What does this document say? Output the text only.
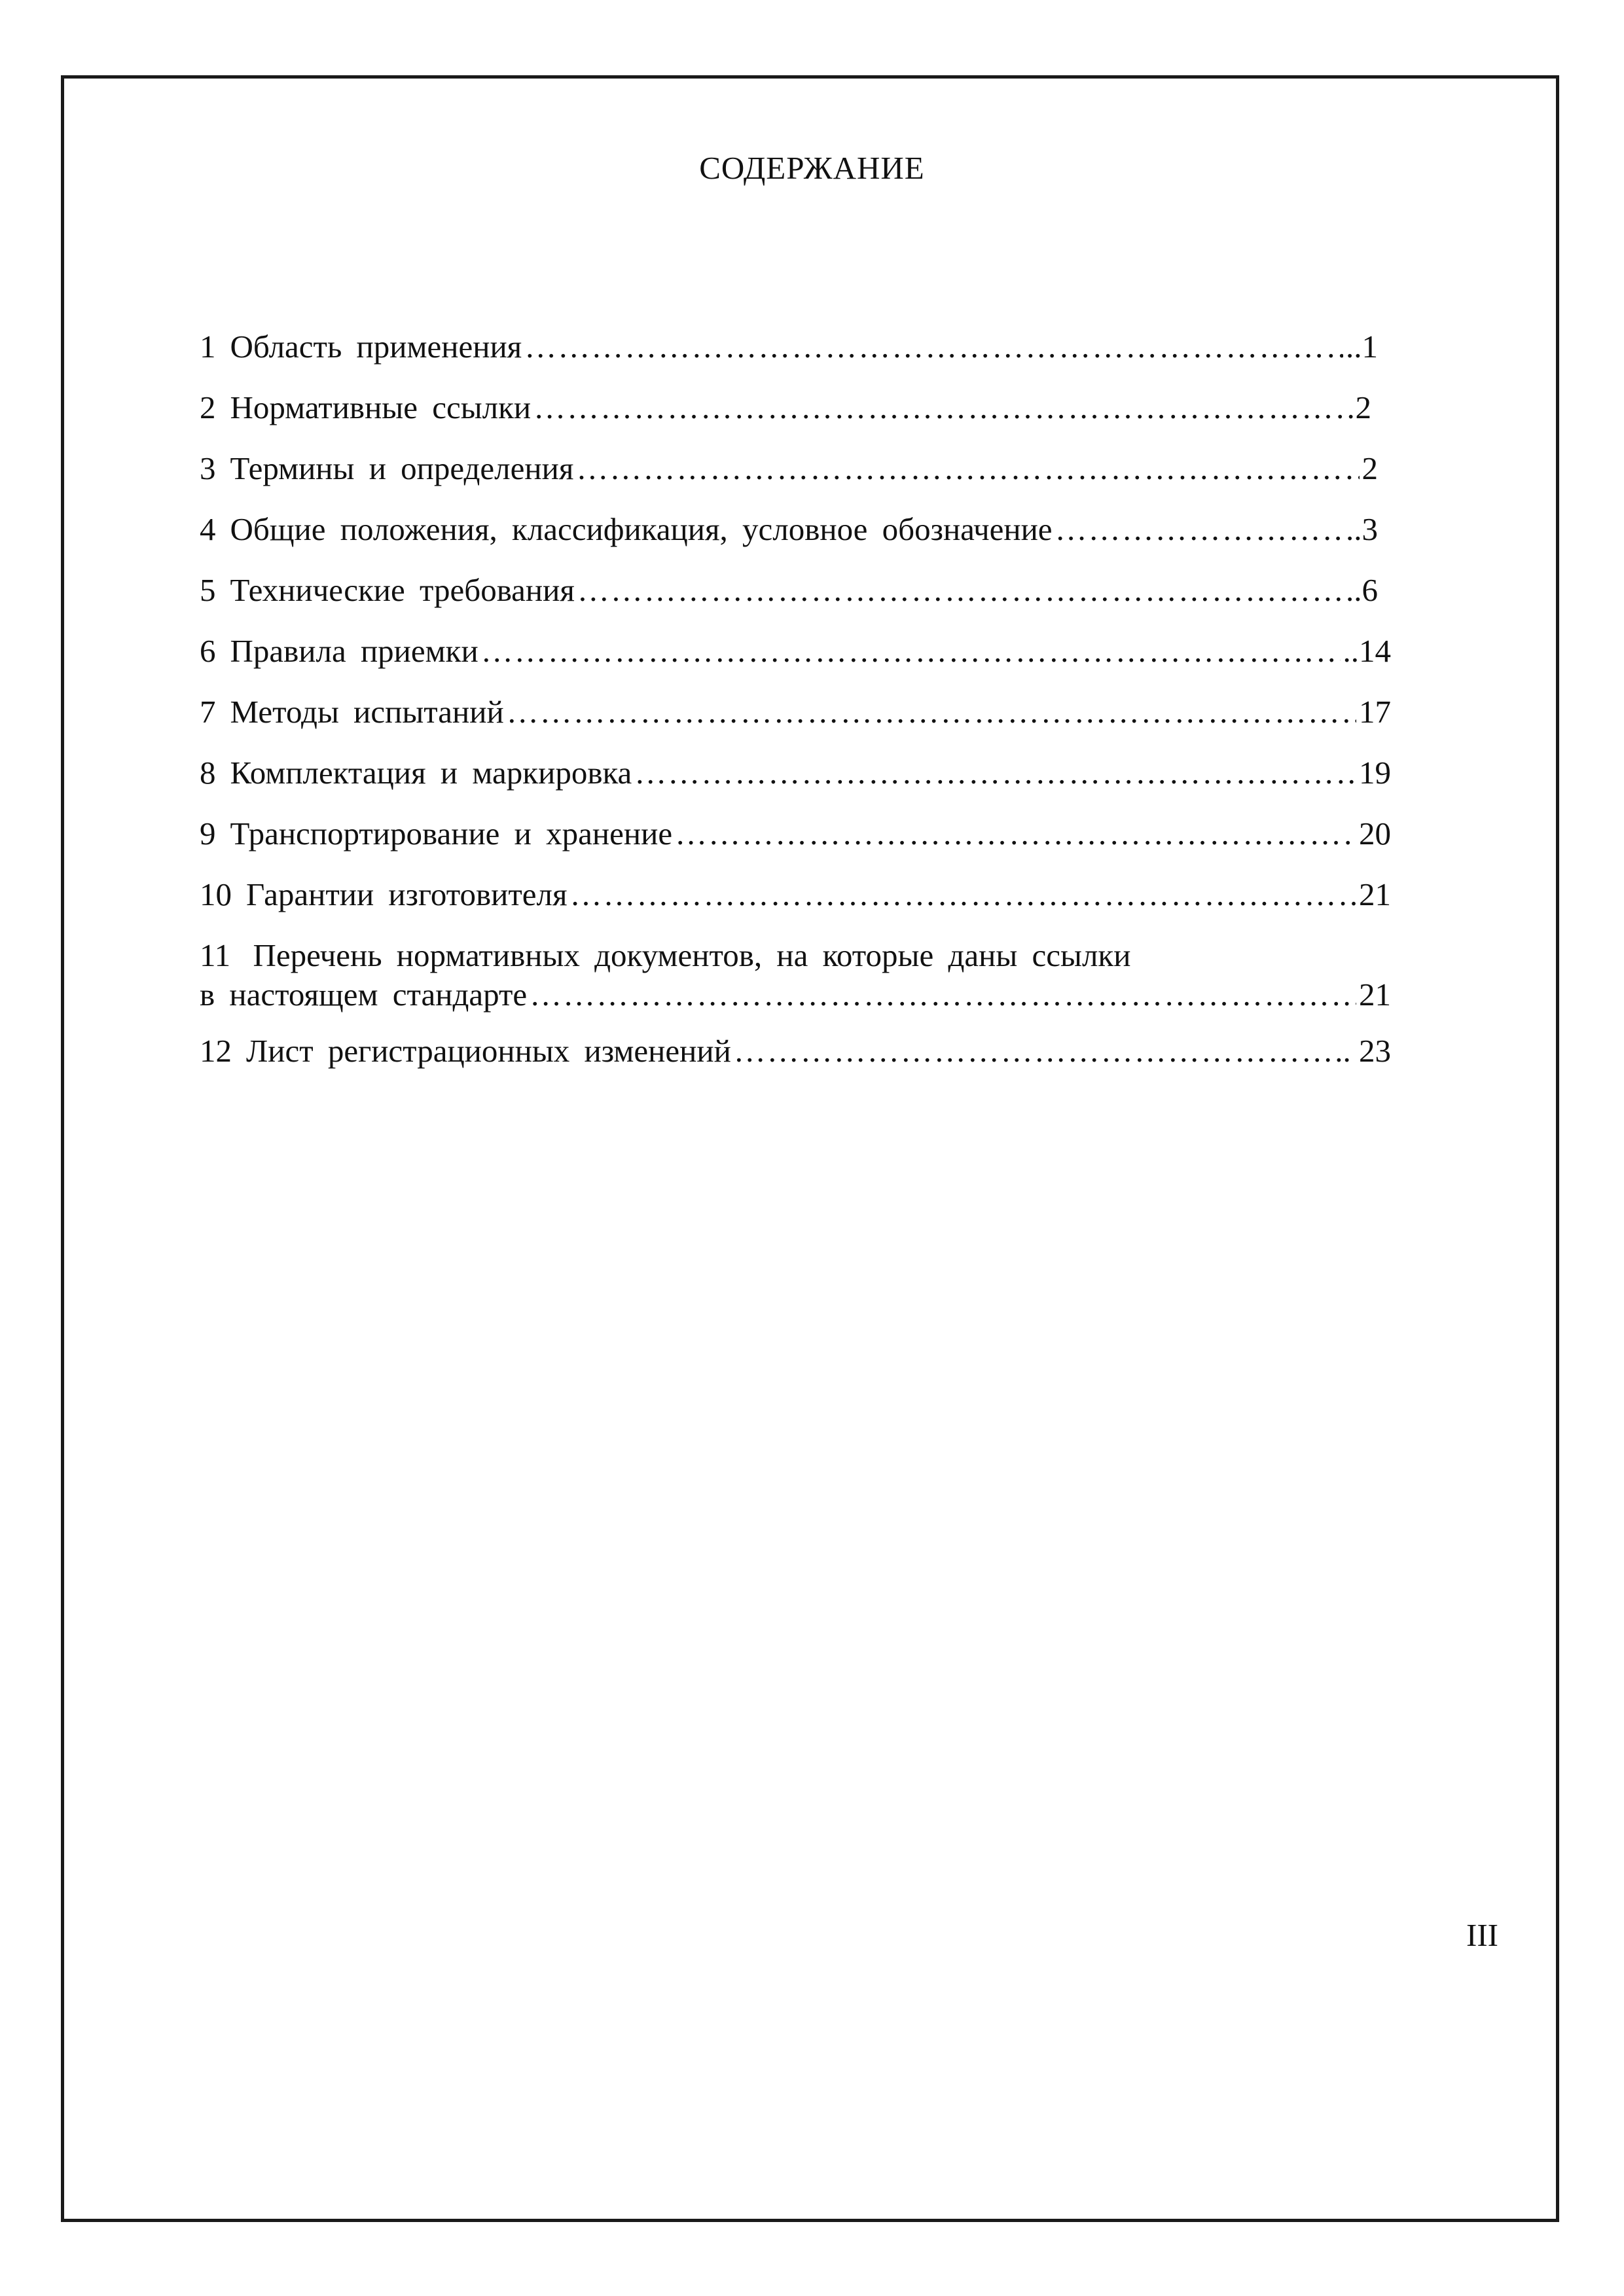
СОДЕРЖАНИЕ
1 Область применения ……………………………………………………………………………………………………………………………………………………………………………………………………	..1
2 Нормативные ссылки ……………………………………………………………………………………………………………………………………………………………………………………………………	2
3 Термины и определения ……………………………………………………………………………………………………………………………………………………………………………………………………	2
4 Общие положения, классификация, условное обозначение ……………………………………………………………………………………………………………………………………………………………………………………………………	..3
5 Технические требования ……………………………………………………………………………………………………………………………………………………………………………………………………	..6
6 Правила приемки ……………………………………………………………………………………………………………………………………………………………………………………………………	..14
7 Методы испытаний ……………………………………………………………………………………………………………………………………………………………………………………………………	17
8 Комплектация и маркировка ……………………………………………………………………………………………………………………………………………………………………………………………………	19
9 Транспортирование и хранение ……………………………………………………………………………………………………………………………………………………………………………………………………	20
10 Гарантии изготовителя ……………………………………………………………………………………………………………………………………………………………………………………………………	21
11 Перечень нормативных документов, на которые даны ссылки
в настоящем стандарте ……………………………………………………………………………………………………………………………………………………………………………………………………	21
12 Лист регистрационных изменений ……………………………………………………………………………………………………………………………………………………………………………………………………	.. 23
III
